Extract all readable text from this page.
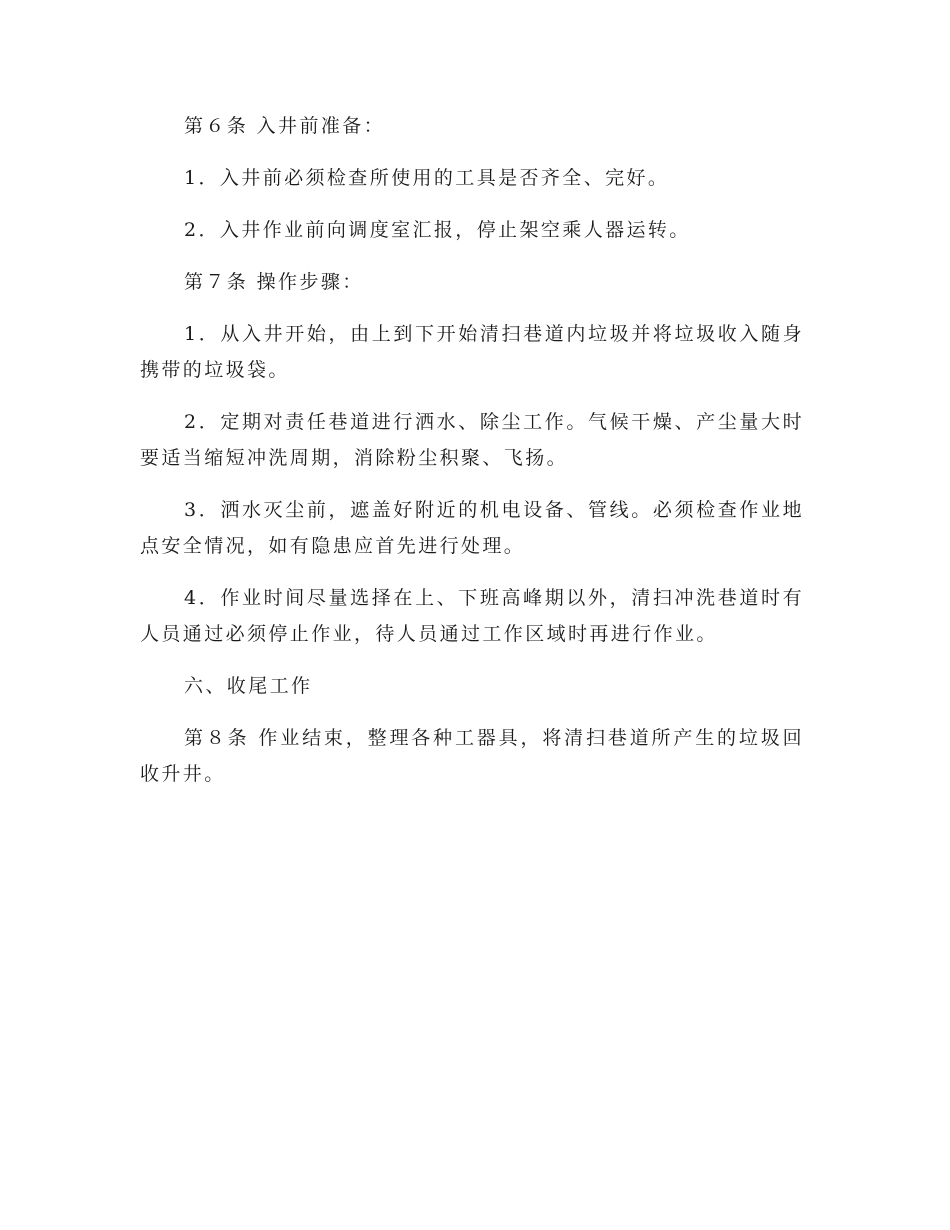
第６条 入井前准备：

1．入井前必须检查所使用的工具是否齐全、完好。

2．入井作业前向调度室汇报，停止架空乘人器运转。

第７条 操作步骤：

1．从入井开始，由上到下开始清扫巷道内垃圾并将垃圾收入随身携带的垃圾袋。

2．定期对责任巷道进行洒水、除尘工作。气候干燥、产尘量大时要适当缩短冲洗周期，消除粉尘积聚、飞扬。

3．洒水灭尘前，遮盖好附近的机电设备、管线。必须检查作业地点安全情况，如有隐患应首先进行处理。

4．作业时间尽量选择在上、下班高峰期以外，清扫冲洗巷道时有人员通过必须停止作业，待人员通过工作区域时再进行作业。

六、收尾工作

第８条 作业结束，整理各种工器具，将清扫巷道所产生的垃圾回收升井。
